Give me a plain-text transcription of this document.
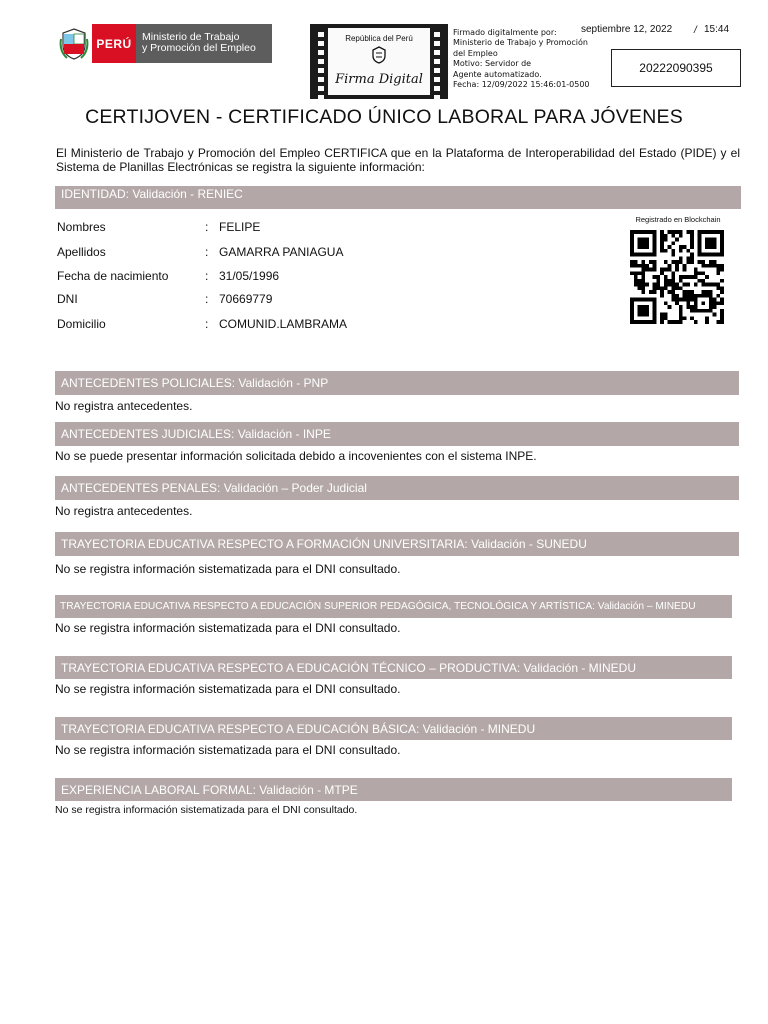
PERÚ Ministerio de Trabajo
y Promoción del Empleo
República del Perú
Firma Digital
Firmado digitalmente por:
Ministerio de Trabajo y Promoción
del Empleo
Motivo: Servidor de
Agente automatizado.
Fecha: 12/09/2022 15:46:01-0500
septiembre 12, 2022 / 15:44
20222090395
CERTIJOVEN - CERTIFICADO ÚNICO LABORAL PARA JÓVENES
El Ministerio de Trabajo y Promoción del Empleo CERTIFICA que en la Plataforma de Interoperabilidad del Estado (PIDE) y el Sistema de Planillas Electrónicas se registra la siguiente información:
IDENTIDAD: Validación - RENIEC
Nombres	: FELIPE
Apellidos	: GAMARRA PANIAGUA
Fecha de nacimiento	: 31/05/1996
DNI	: 70669779
Domicilio	: COMUNID.LAMBRAMA
Registrado en Blockchain
ANTECEDENTES POLICIALES: Validación - PNP
No registra antecedentes.
ANTECEDENTES JUDICIALES: Validación - INPE
No se puede presentar información solicitada debido a incovenientes con el sistema INPE.
ANTECEDENTES PENALES: Validación – Poder Judicial
No registra antecedentes.
TRAYECTORIA EDUCATIVA RESPECTO A FORMACIÓN UNIVERSITARIA: Validación - SUNEDU
No se registra información sistematizada para el DNI consultado.
TRAYECTORIA EDUCATIVA RESPECTO A EDUCACIÓN SUPERIOR PEDAGÓGICA, TECNOLÓGICA Y ARTÍSTICA: Validación – MINEDU
No se registra información sistematizada para el DNI consultado.
TRAYECTORIA EDUCATIVA RESPECTO A EDUCACIÓN TÉCNICO – PRODUCTIVA: Validación - MINEDU
No se registra información sistematizada para el DNI consultado.
TRAYECTORIA EDUCATIVA RESPECTO A EDUCACIÓN BÁSICA: Validación - MINEDU
No se registra información sistematizada para el DNI consultado.
EXPERIENCIA LABORAL FORMAL: Validación - MTPE
No se registra información sistematizada para el DNI consultado.
